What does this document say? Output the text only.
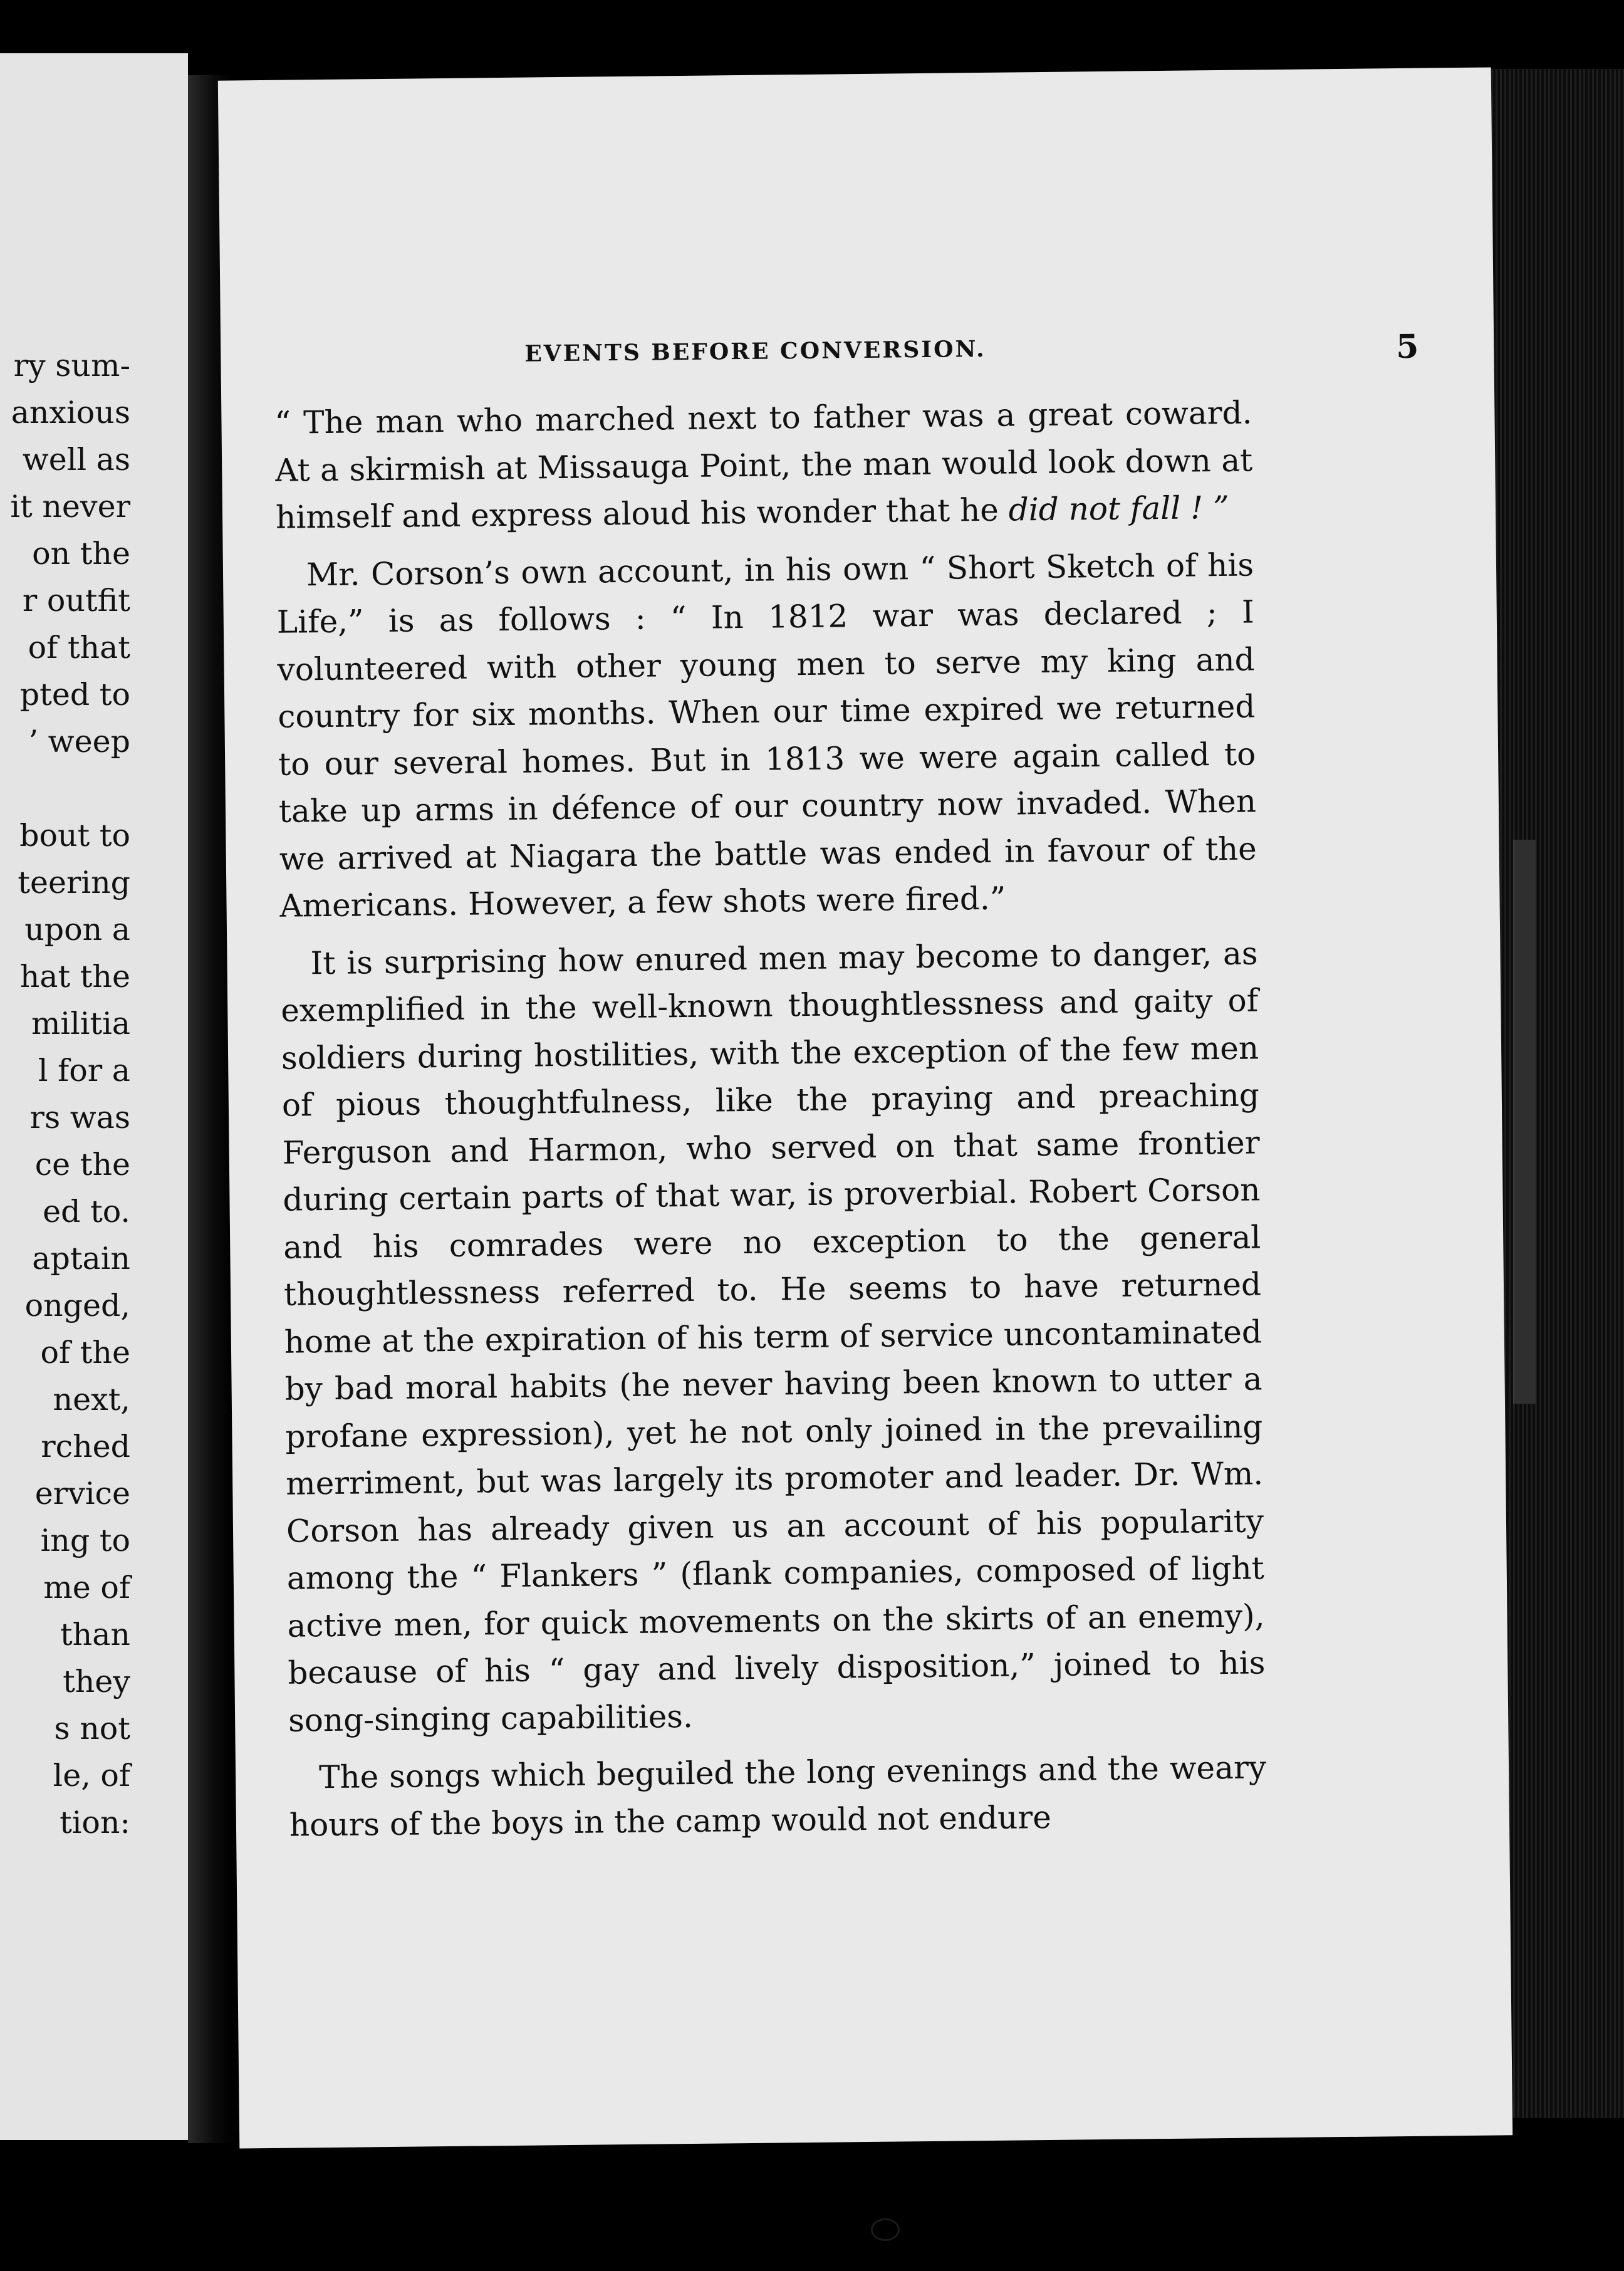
ry sum-
anxious
well as
it never
on the
r outfit
of that
pted to
’ weep
bout to
teering
upon a
hat the
militia
l for a
rs was
ce the
ed to.
aptain
onged,
of the
next,
rched
ervice
ing to
me of
than
they
s not
le, of
tion:
EVENTS BEFORE CONVERSION.	5

“ The man who marched next to father was a great coward. At a skirmish at Missauga Point, the man would look down at himself and express aloud his wonder that he did not fall ! ”

Mr. Corson’s own account, in his own “ Short Sketch of his Life,” is as follows : “ In 1812 war was declared ; I volunteered with other young men to serve my king and country for six months. When our time expired we returned to our several homes. But in 1813 we were again called to take up arms in défence of our country now invaded. When we arrived at Niagara the battle was ended in favour of the Americans. However, a few shots were fired.”

It is surprising how enured men may become to danger, as exemplified in the well-known thoughtlessness and gaity of soldiers during hostilities, with the exception of the few men of pious thoughtfulness, like the praying and preaching Ferguson and Harmon, who served on that same frontier during certain parts of that war, is proverbial. Robert Corson and his comrades were no exception to the general thoughtlessness referred to. He seems to have returned home at the expiration of his term of service uncontaminated by bad moral habits (he never having been known to utter a profane expression), yet he not only joined in the prevailing merriment, but was largely its promoter and leader. Dr. Wm. Corson has already given us an account of his popularity among the “ Flankers ” (flank companies, composed of light active men, for quick movements on the skirts of an enemy), because of his “ gay and lively disposition,” joined to his song-singing capabilities.

The songs which beguiled the long evenings and the weary hours of the boys in the camp would not endure
